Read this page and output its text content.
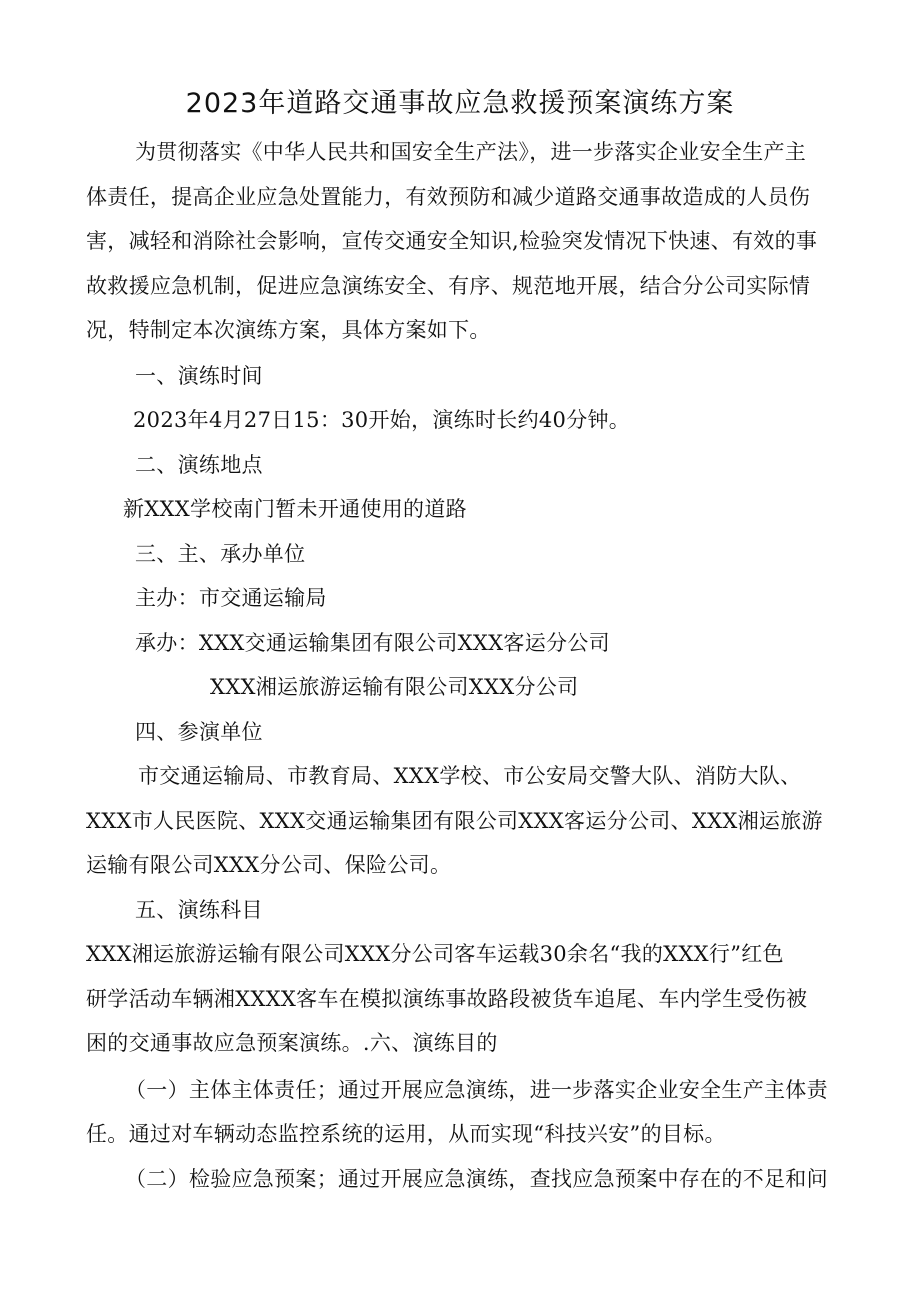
2023年道路交通事故应急救援预案演练方案
为贯彻落实《中华人民共和国安全生产法》，进一步落实企业安全生产主
体责任，提高企业应急处置能力，有效预防和减少道路交通事故造成的人员伤
害，减轻和消除社会影响，宣传交通安全知识,检验突发情况下快速、有效的事
故救援应急机制，促进应急演练安全、有序、规范地开展，结合分公司实际情
况，特制定本次演练方案，具体方案如下。
一、演练时间
2023年4月27日15：30开始，演练时长约40分钟。
二、演练地点
新XXX学校南门暂未开通使用的道路
三、主、承办单位
主办：市交通运输局
承办：XXX交通运输集团有限公司XXX客运分公司
XXX湘运旅游运输有限公司XXX分公司
四、参演单位
市交通运输局、市教育局、XXX学校、市公安局交警大队、消防大队、
XXX市人民医院、XXX交通运输集团有限公司XXX客运分公司、XXX湘运旅游
运输有限公司XXX分公司、保险公司。
五、演练科目
XXX湘运旅游运输有限公司XXX分公司客车运载30余名“我的XXX行”红色
研学活动车辆湘XXXX客车在模拟演练事故路段被货车追尾、车内学生受伤被
困的交通事故应急预案演练。.六、演练目的
（一）主体主体责任；通过开展应急演练，进一步落实企业安全生产主体责
任。通过对车辆动态监控系统的运用，从而实现“科技兴安”的目标。
（二）检验应急预案；通过开展应急演练，查找应急预案中存在的不足和问
